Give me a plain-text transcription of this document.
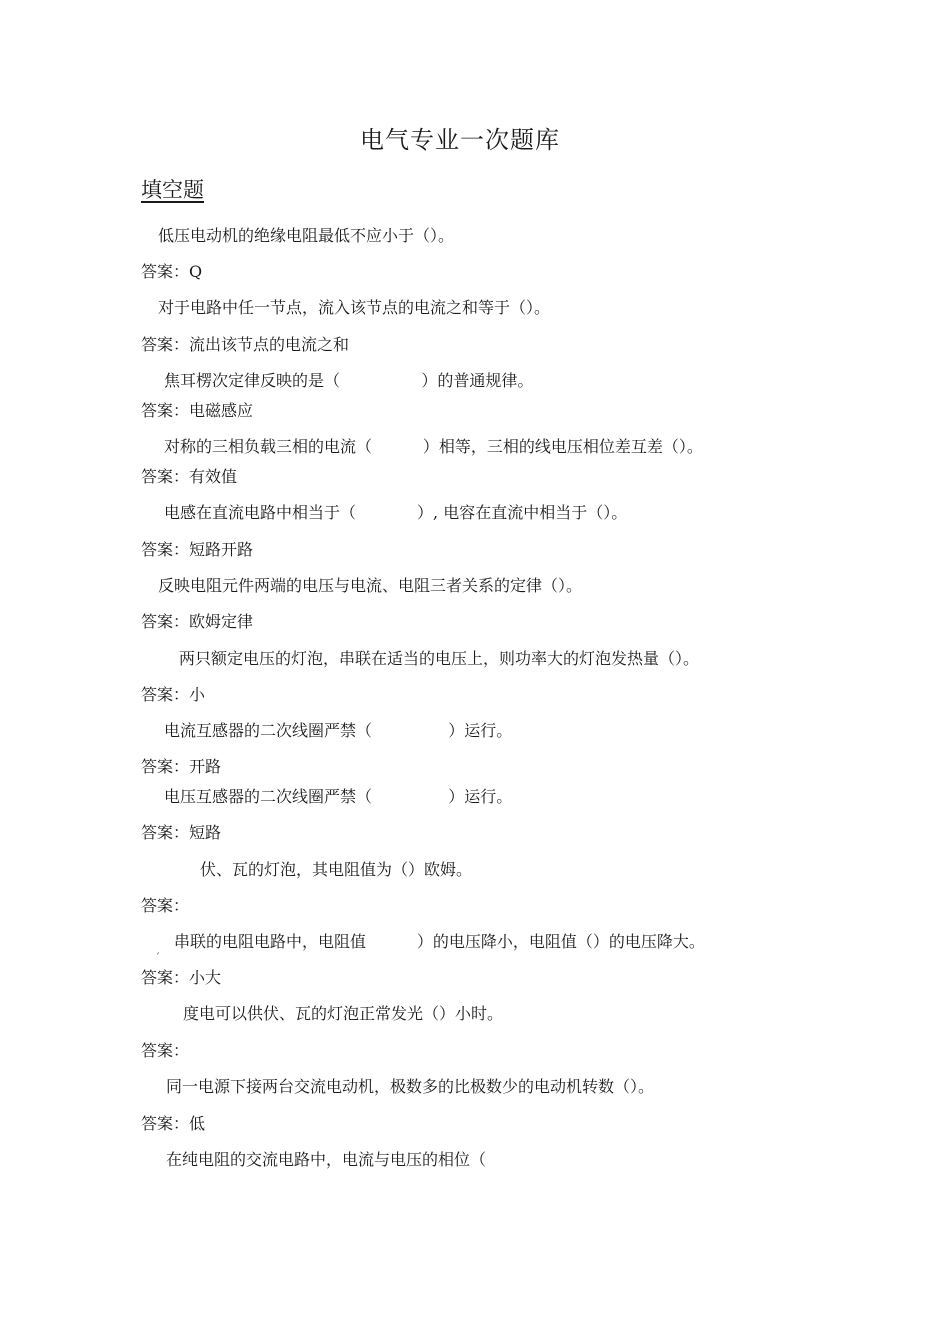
电气专业一次题库
填空题
低压电动机的绝缘电阻最低不应小于（）。
答案：Q
对于电路中任一节点，流入该节点的电流之和等于（）。
答案：流出该节点的电流之和
焦耳楞次定律反映的是（                ）的普通规律。
答案：电磁感应
对称的三相负载三相的电流（          ）相等，三相的线电压相位差互差（）。
答案：有效值
电感在直流电路中相当于（            ）, 电容在直流中相当于（）。
答案：短路开路
反映电阻元件两端的电压与电流、电阻三者关系的定律（）。
答案：欧姆定律
两只额定电压的灯泡，串联在适当的电压上，则功率大的灯泡发热量（）。
答案：小
电流互感器的二次线圈严禁（               ）运行。
答案：开路
电压互感器的二次线圈严禁（               ）运行。
答案：短路
伏、瓦的灯泡，其电阻值为（）欧姆。
答案：
串联的电阻电路中，电阻值          ）的电压降小，电阻值（）的电压降大。
ˊ
答案：小大
度电可以供伏、瓦的灯泡正常发光（）小时。
答案：
同一电源下接两台交流电动机，极数多的比极数少的电动机转数（）。
答案：低
在纯电阻的交流电路中，电流与电压的相位（
